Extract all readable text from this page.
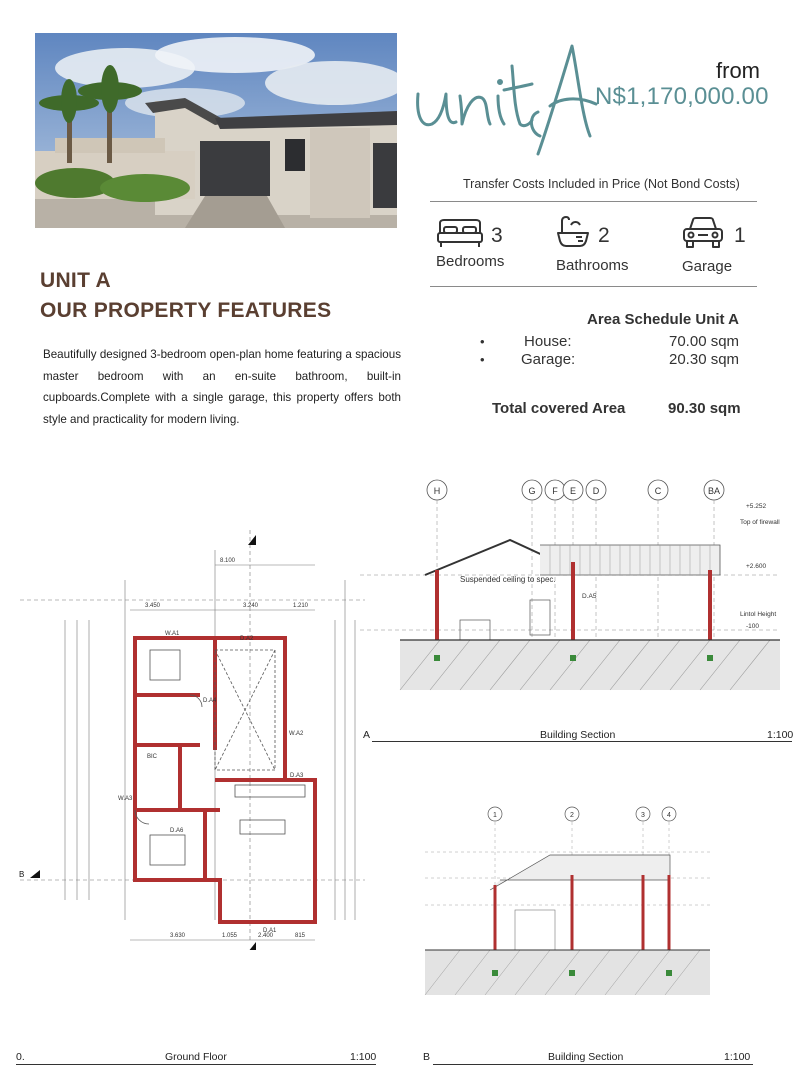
from
N$1,170,000.00
Transfer Costs Included in Price (Not Bond Costs)
3
Bedrooms
2
Bathrooms
1
Garage
UNIT A
OUR PROPERTY FEATURES
Beautifully designed 3-bedroom open-plan home featuring a spacious master bedroom with an en-suite bathroom, built-in cupboards.Complete with a single garage, this property offers both style and practicality for modern living.
Area Schedule Unit A
•	House:	70.00 sqm
• Garage:	20.30 sqm
Total covered Area	90.30 sqm
W.A1
D.A2
D.A1
D.A3
D.A4
D.A6
W.A2
W.A3
BIC
3.450	3.240	1.210
8.100
3.630	1.055	2.400	815
B
H	G F E D	C	BA
Suspended ceiling to spec.
Lintol Height
Top of firewall
+5.252
+2.600
-100
D.A5
A	Building Section	1:100
1	2	3	4
B	Building Section	1:100
0.	Ground Floor	1:100
